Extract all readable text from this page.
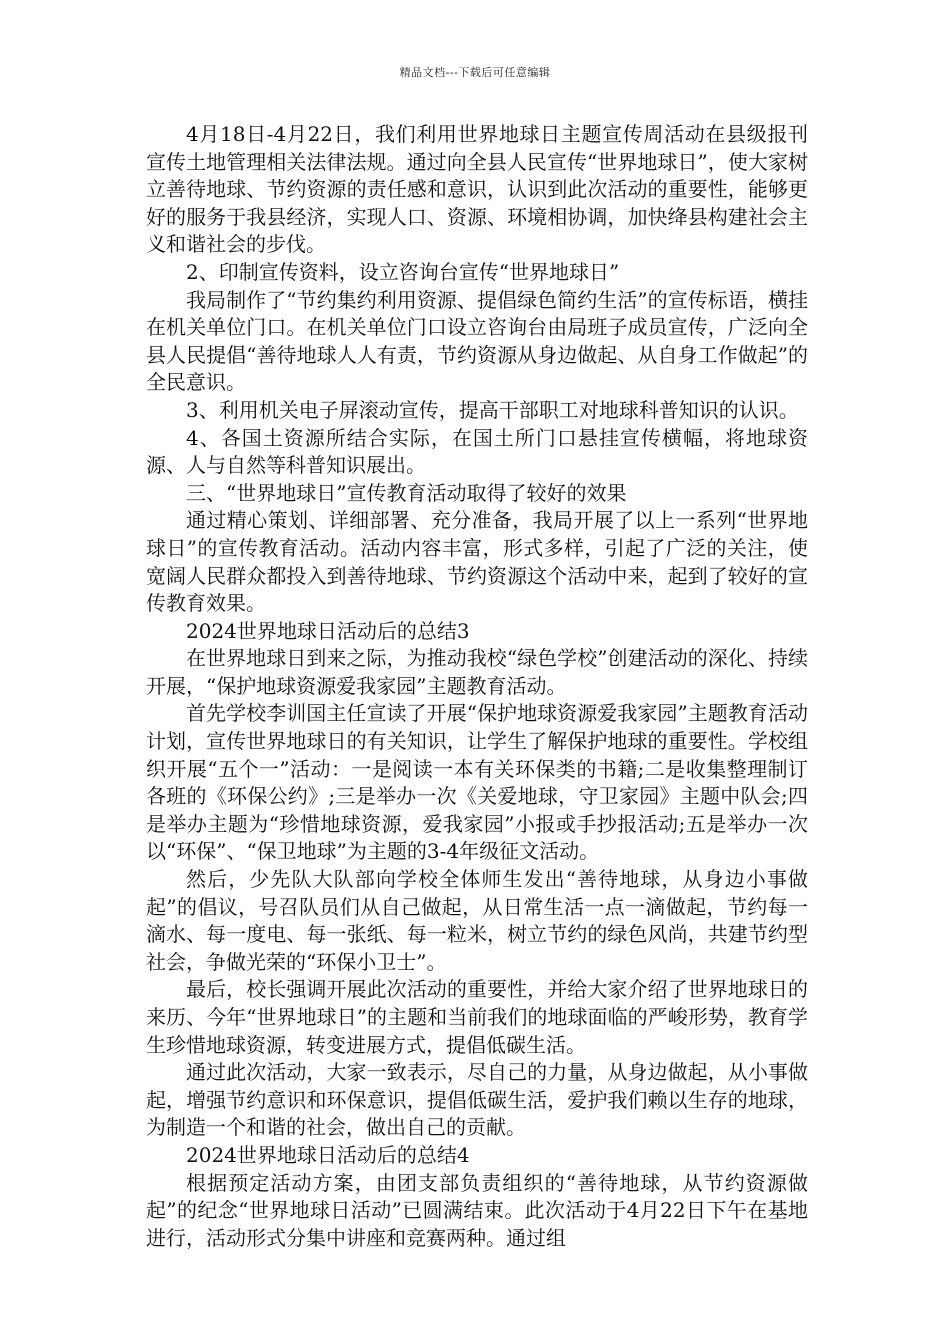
精品文档---下载后可任意编辑

4月18日-4月22日，我们利用世界地球日主题宣传周活动在县级报刊宣传土地管理相关法律法规。通过向全县人民宣传“世界地球日”，使大家树立善待地球、节约资源的责任感和意识，认识到此次活动的重要性，能够更好的服务于我县经济，实现人口、资源、环境相协调，加快绛县构建社会主义和谐社会的步伐。

2、印制宣传资料，设立咨询台宣传“世界地球日”

我局制作了“节约集约利用资源、提倡绿色简约生活”的宣传标语，横挂在机关单位门口。在机关单位门口设立咨询台由局班子成员宣传，广泛向全县人民提倡“善待地球人人有责，节约资源从身边做起、从自身工作做起”的全民意识。

3、利用机关电子屏滚动宣传，提高干部职工对地球科普知识的认识。

4、各国土资源所结合实际，在国土所门口悬挂宣传横幅，将地球资源、人与自然等科普知识展出。

三、“世界地球日”宣传教育活动取得了较好的效果

通过精心策划、详细部署、充分准备，我局开展了以上一系列“世界地球日”的宣传教育活动。活动内容丰富，形式多样，引起了广泛的关注，使宽阔人民群众都投入到善待地球、节约资源这个活动中来，起到了较好的宣传教育效果。

2024世界地球日活动后的总结3

在世界地球日到来之际，为推动我校“绿色学校”创建活动的深化、持续开展，“保护地球资源爱我家园”主题教育活动。

首先学校李训国主任宣读了开展“保护地球资源爱我家园”主题教育活动计划，宣传世界地球日的有关知识，让学生了解保护地球的重要性。学校组织开展“五个一”活动：一是阅读一本有关环保类的书籍;二是收集整理制订各班的《环保公约》;三是举办一次《关爱地球，守卫家园》主题中队会;四是举办主题为“珍惜地球资源，爱我家园”小报或手抄报活动;五是举办一次以“环保”、“保卫地球”为主题的3-4年级征文活动。

然后，少先队大队部向学校全体师生发出“善待地球，从身边小事做起”的倡议，号召队员们从自己做起，从日常生活一点一滴做起，节约每一滴水、每一度电、每一张纸、每一粒米，树立节约的绿色风尚，共建节约型社会，争做光荣的“环保小卫士”。

最后，校长强调开展此次活动的重要性，并给大家介绍了世界地球日的来历、今年“世界地球日”的主题和当前我们的地球面临的严峻形势，教育学生珍惜地球资源，转变进展方式，提倡低碳生活。

通过此次活动，大家一致表示，尽自己的力量，从身边做起，从小事做起，增强节约意识和环保意识，提倡低碳生活，爱护我们赖以生存的地球，为制造一个和谐的社会，做出自己的贡献。

2024世界地球日活动后的总结4

根据预定活动方案，由团支部负责组织的“善待地球，从节约资源做起”的纪念“世界地球日活动”已圆满结束。此次活动于4月22日下午在基地进行，活动形式分集中讲座和竞赛两种。通过组
